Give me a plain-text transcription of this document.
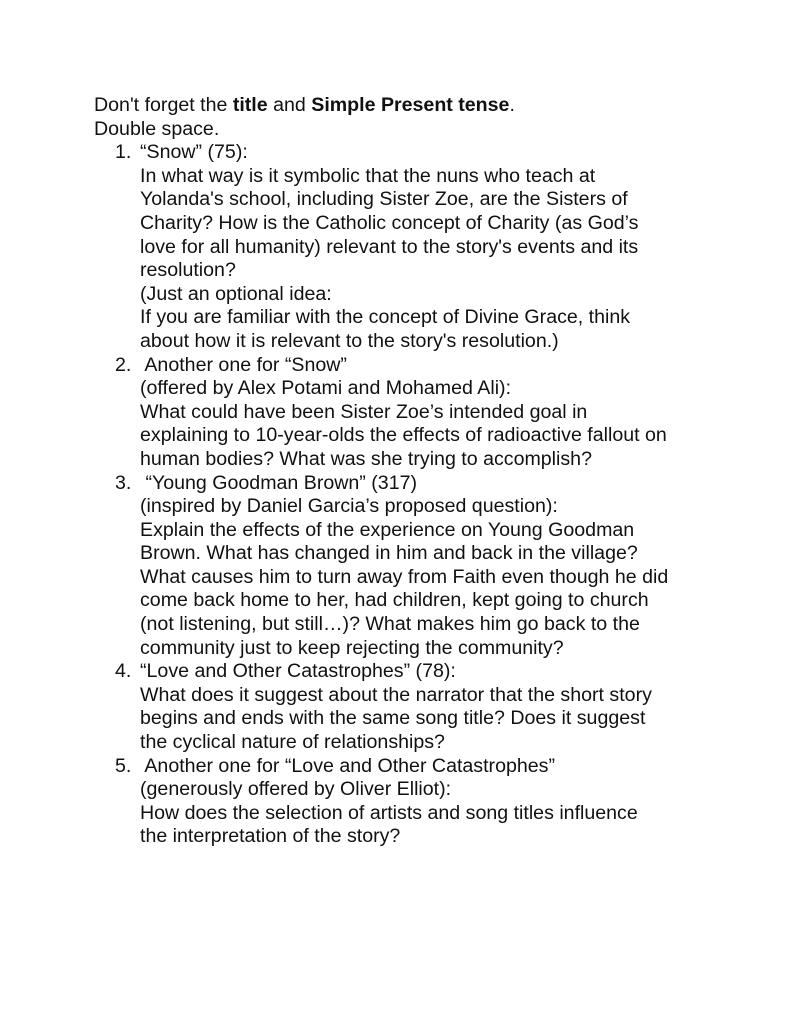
Don't forget the title and Simple Present tense.
Double space.
1. “Snow” (75):
In what way is it symbolic that the nuns who teach at
Yolanda's school, including Sister Zoe, are the Sisters of
Charity? How is the Catholic concept of Charity (as God’s
love for all humanity) relevant to the story's events and its
resolution?
(Just an optional idea:
If you are familiar with the concept of Divine Grace, think
about how it is relevant to the story's resolution.)
2. Another one for “Snow”
(offered by Alex Potami and Mohamed Ali):
What could have been Sister Zoe’s intended goal in
explaining to 10-year-olds the effects of radioactive fallout on
human bodies? What was she trying to accomplish?
3. “Young Goodman Brown” (317)
(inspired by Daniel Garcia’s proposed question):
Explain the effects of the experience on Young Goodman
Brown. What has changed in him and back in the village?
What causes him to turn away from Faith even though he did
come back home to her, had children, kept going to church
(not listening, but still…)? What makes him go back to the
community just to keep rejecting the community?
4. “Love and Other Catastrophes” (78):
What does it suggest about the narrator that the short story
begins and ends with the same song title? Does it suggest
the cyclical nature of relationships?
5. Another one for “Love and Other Catastrophes”
(generously offered by Oliver Elliot):
How does the selection of artists and song titles influence
the interpretation of the story?
